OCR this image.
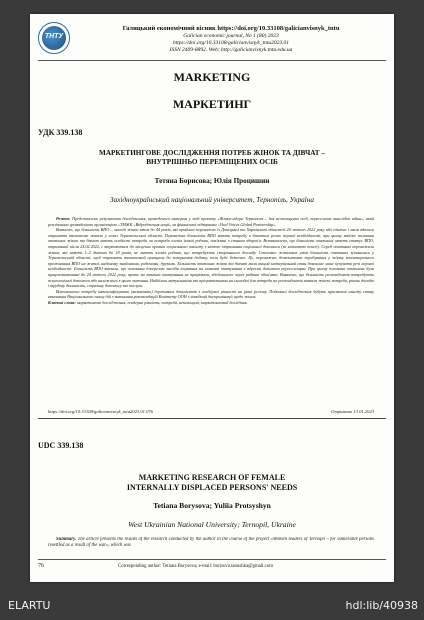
ТНТУ
Галицький економічний вісник https://doi.org/10.33108/galicianvisnyk_tntu
Galician economic journal, No 1 (80) 2023
https://doi.org/10.33108/galicianvisnyk_tntu2023.01
ISSN 2409-8892. Web: http://galicianvisnyk.tntu.edu.ua
MARKETING
МАРКЕТИНГ
УДК 339.138
МАРКЕТИНГОВЕ ДОСЛІДЖЕННЯ ПОТРЕБ ЖІНОК ТА ДІВЧАТ –
ВНУТРІШНЬО ПЕРЕМІЩЕНИХ ОСІБ
Тетяна Борисова; Юлія Процишин
Західноукраїнський національний університет, Тернопіль, Україна

Резюме. Представлено результати дослідження, проведеного автором у ході проєкту «Жінки-лідери Тернополя – для незахищених осіб, переселених внаслідок війни», який реалізовано громадською організацією «ТМЖК «Відродження нації» за фінансової підтримки «Vital Voices Global Partnership».

Виявлено, що більшість ВПО – молоді жінки віком до 44 років, які прийшли переважно із Донецької та Харківської областей 24 лютого 2022 року або пізніше і мали вдалось отримати тимчасове житло у селах Тернопільської області. Переважна більшість ВПО мають потребу в багатьох речах першої необхідності, при цьому майже половина опитаних жінок та дівчат мають особисті потреби чи потреби членів їхньої родини, пов'язані з станом здоров'я. Встановлено, що більшість опитаних мають статус ВПО, отриманий після 24.02.2022, і звертаються до місцевих органів соціального захисту з метою отримання соціальної допомоги (за виплатою пенсії). Серед опитаних переважали жінки, які мають 1–2 дитини до 18 років, не мають членів родини, що потребують стороннього догляду. Стосовно житлових умов більшість опитаних зупинилась у Тернопільській області, щоб отримати тимчасовий притулок до повернення додому, коли буде безпечно. Це, переважно, безкоштовне перебування у зв'язку волонтерського проживання ВПО на житлі, наданому знайомими, родичами, друзями. Більшість опитаних жінок та дівчат мали вищий матеріальний стан довоєнне лише купувати речі першої необхідності. Більшість ВПО вказали, що основним джерелом засобів існування на момент опитування є адресна допомога переселенцям. При цьому половина опитаних були працевлаштовані до 24 лютого 2022 року, проте на момент опитування не працювали, здебільшого через родинні обов'язки. Виявлено, що більшість респондентів потребують психологічної допомоги або належного з цього питання. Найбільш актуальними та пріоритетними на сьогодні для потреби на респондентів назвали жіночі потреби, рівень доходів і трудову діяльність, соціальну допомогу та послуги.

Встановлено потребу інтенсифікувати (визначати) державних документів з гендерної рівності на рівні регіону. Подальші дослідження будуть присвячені аналізу стану виконання Національного плану дій з виконання рекомендацій Комітету ООН з ліквідації дискримінації щодо жінок.

Ключові слова: маркетингові дослідження, гендерна рівність, потреба, незахищені, маркетинговий дослідник.

https://doi.org/10.33108/galicianvisnyk_tntu2023.01.076	Отримано 13.01.2023
UDC 339.138
MARKETING RESEARCH OF FEMALE
INTERNALLY DISPLACED PERSONS' NEEDS
Tetiana Borysova; Yuliia Protsyshyn
West Ukrainian National University; Ternopil, Ukraine

Summary. The article presents the results of the research conducted by the author in the course of the project «Women leaders of Ternopil – for vulnerable persons resettled as a result of the war», which was

76	Corresponding author: Tetiana Borysova; e-mail: borisova.tanushka@gmail.com
ELARTU	hdl:lib/40938
